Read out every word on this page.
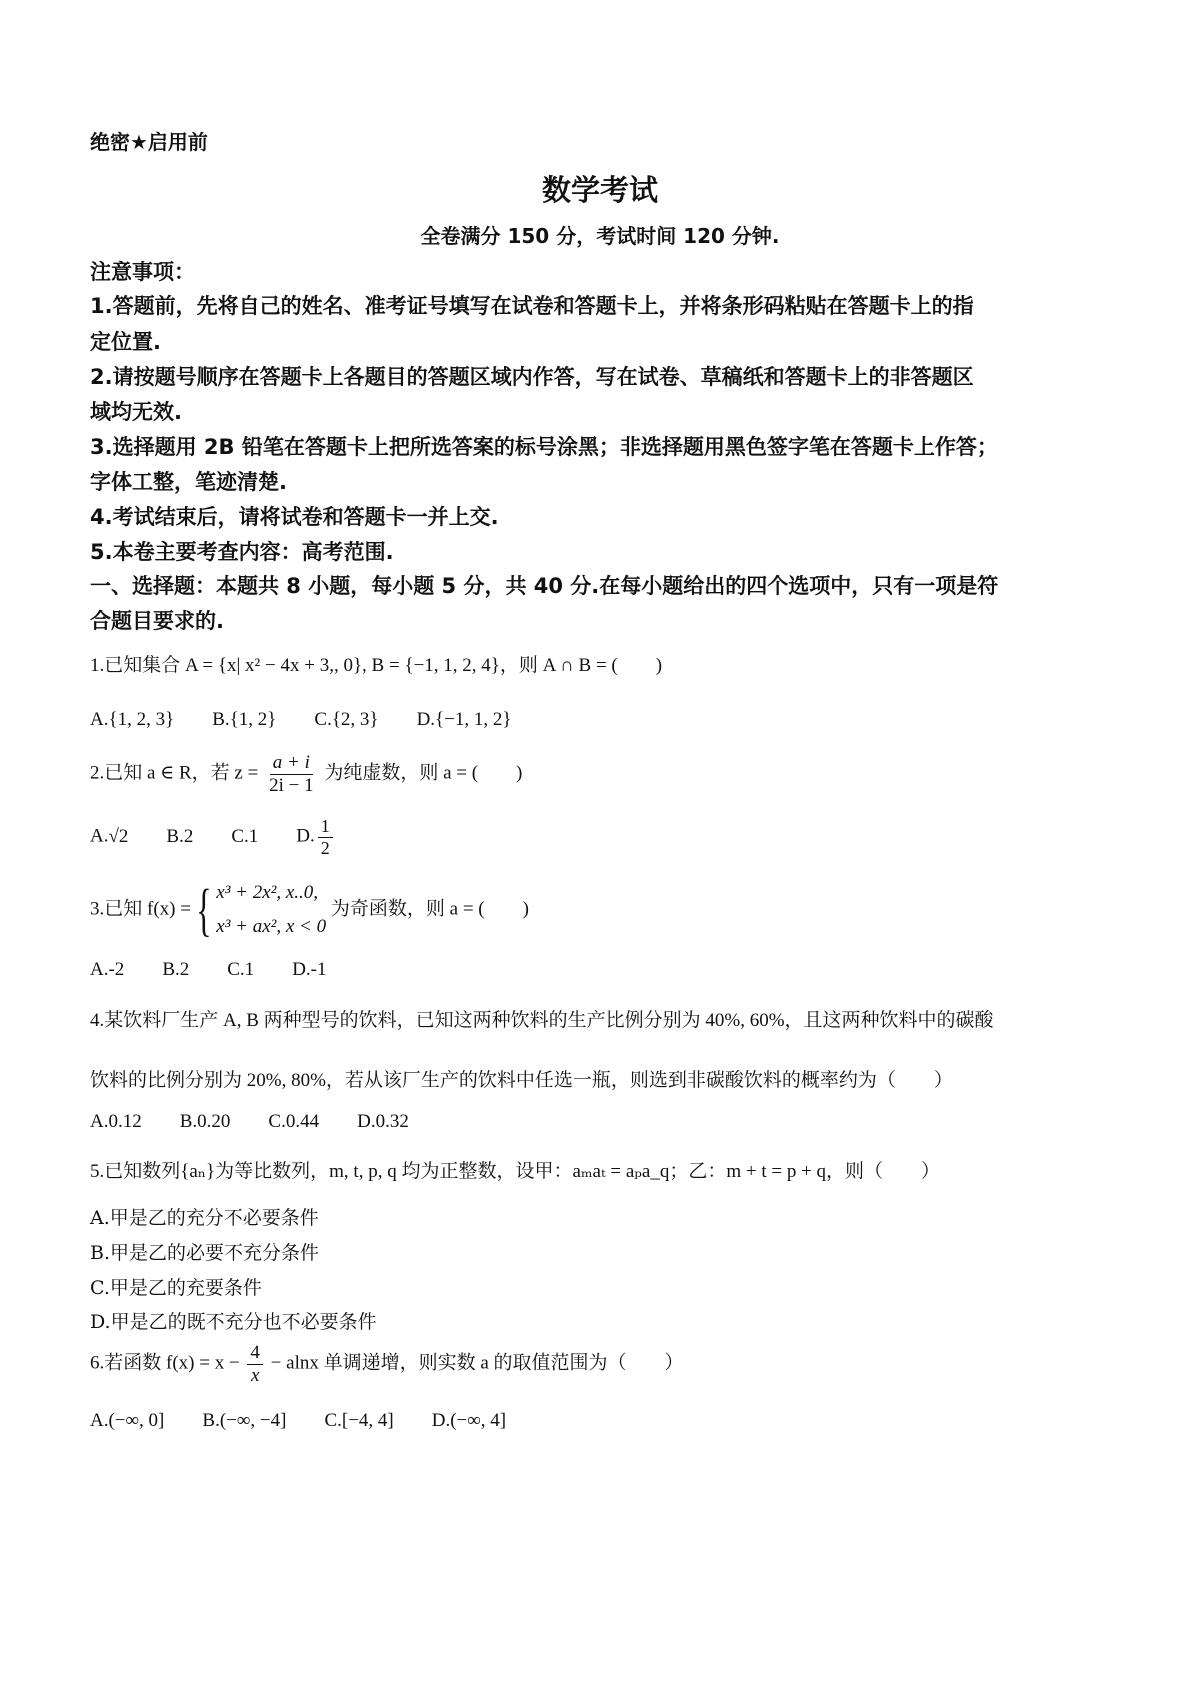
绝密★启用前
数学考试
全卷满分 150 分，考试时间 120 分钟.
注意事项：
1.答题前，先将自己的姓名、准考证号填写在试卷和答题卡上，并将条形码粘贴在答题卡上的指
定位置.
2.请按题号顺序在答题卡上各题目的答题区域内作答，写在试卷、草稿纸和答题卡上的非答题区
域均无效.
3.选择题用 2B 铅笔在答题卡上把所选答案的标号涂黑；非选择题用黑色签字笔在答题卡上作答；
字体工整，笔迹清楚.
4.考试结束后，请将试卷和答题卡一并上交.
5.本卷主要考查内容：高考范围.
一、选择题：本题共 8 小题，每小题 5 分，共 40 分.在每小题给出的四个选项中，只有一项是符
合题目要求的.
1.已知集合 A = {x| x² − 4x + 3,, 0}, B = {−1, 1, 2, 4}，则 A ∩ B = (　　)
A.{1, 2, 3} B.{1, 2} C.{2, 3} D.{−1, 1, 2}
2.已知 a ∈ R，若 $z = \frac{a + i}{2i - 1}$ 为纯虚数，则 a = (　　)
A.√2 B.2 C.1 D. $\frac{1}{2}$
3.已知 f(x) = { x³ + 2x², x..0,
x³ + ax², x < 0
为奇函数，则 a = (　　)
A.-2 B.2 C.1 D.-1
4.某饮料厂生产 A, B 两种型号的饮料，已知这两种饮料的生产比例分别为 40%, 60%，且这两种饮料中的碳酸
饮料的比例分别为 20%, 80%，若从该厂生产的饮料中任选一瓶，则选到非碳酸饮料的概率约为（　　）
A.0.12 B.0.20 C.0.44 D.0.32
5.已知数列{aₙ}为等比数列，m, t, p, q 均为正整数，设甲：aₘaₜ = aₚa_q；乙：m + t = p + q，则（　　）
A.甲是乙的充分不必要条件
B.甲是乙的必要不充分条件
C.甲是乙的充要条件
D.甲是乙的既不充分也不必要条件
6.若函数 $f(x) = x - \frac{4}{x} - alnx$ 单调递增，则实数 a 的取值范围为（　　）
A.(−∞, 0] B.(−∞, −4] C.[−4, 4] D.(−∞, 4]
